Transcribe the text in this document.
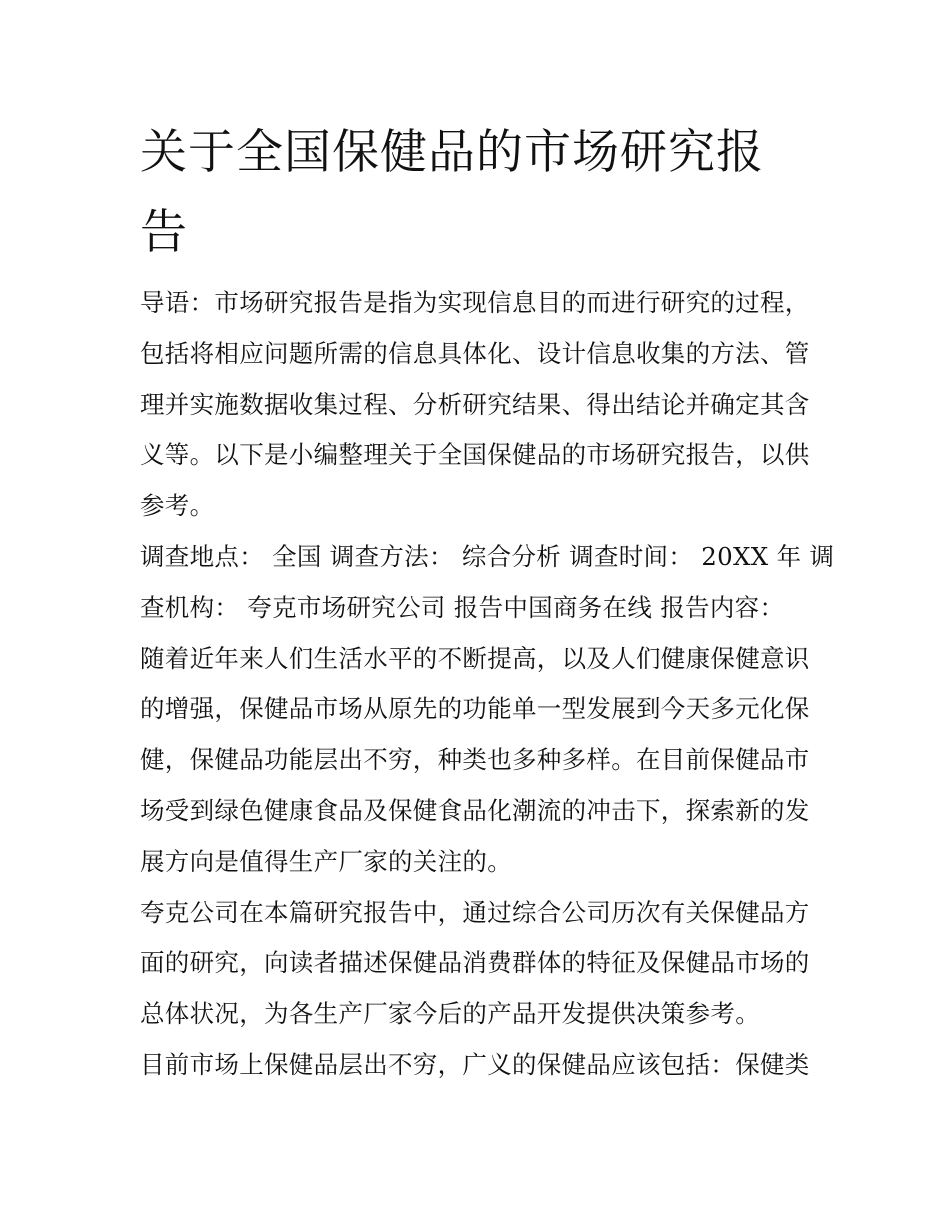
关于全国保健品的市场研究报
告
导语：市场研究报告是指为实现信息目的而进行研究的过程，
包括将相应问题所需的信息具体化、设计信息收集的方法、管
理并实施数据收集过程、分析研究结果、得出结论并确定其含
义等。以下是小编整理关于全国保健品的市场研究报告，以供
参考。
调查地点： 全国 调查方法： 综合分析 调查时间： 20XX 年 调
查机构： 夸克市场研究公司 报告中国商务在线 报告内容：
随着近年来人们生活水平的不断提高，以及人们健康保健意识
的增强，保健品市场从原先的功能单一型发展到今天多元化保
健，保健品功能层出不穷，种类也多种多样。在目前保健品市
场受到绿色健康食品及保健食品化潮流的冲击下，探索新的发
展方向是值得生产厂家的关注的。
夸克公司在本篇研究报告中，通过综合公司历次有关保健品方
面的研究，向读者描述保健品消费群体的特征及保健品市场的
总体状况，为各生产厂家今后的产品开发提供决策参考。
目前市场上保健品层出不穷，广义的保健品应该包括：保健类
